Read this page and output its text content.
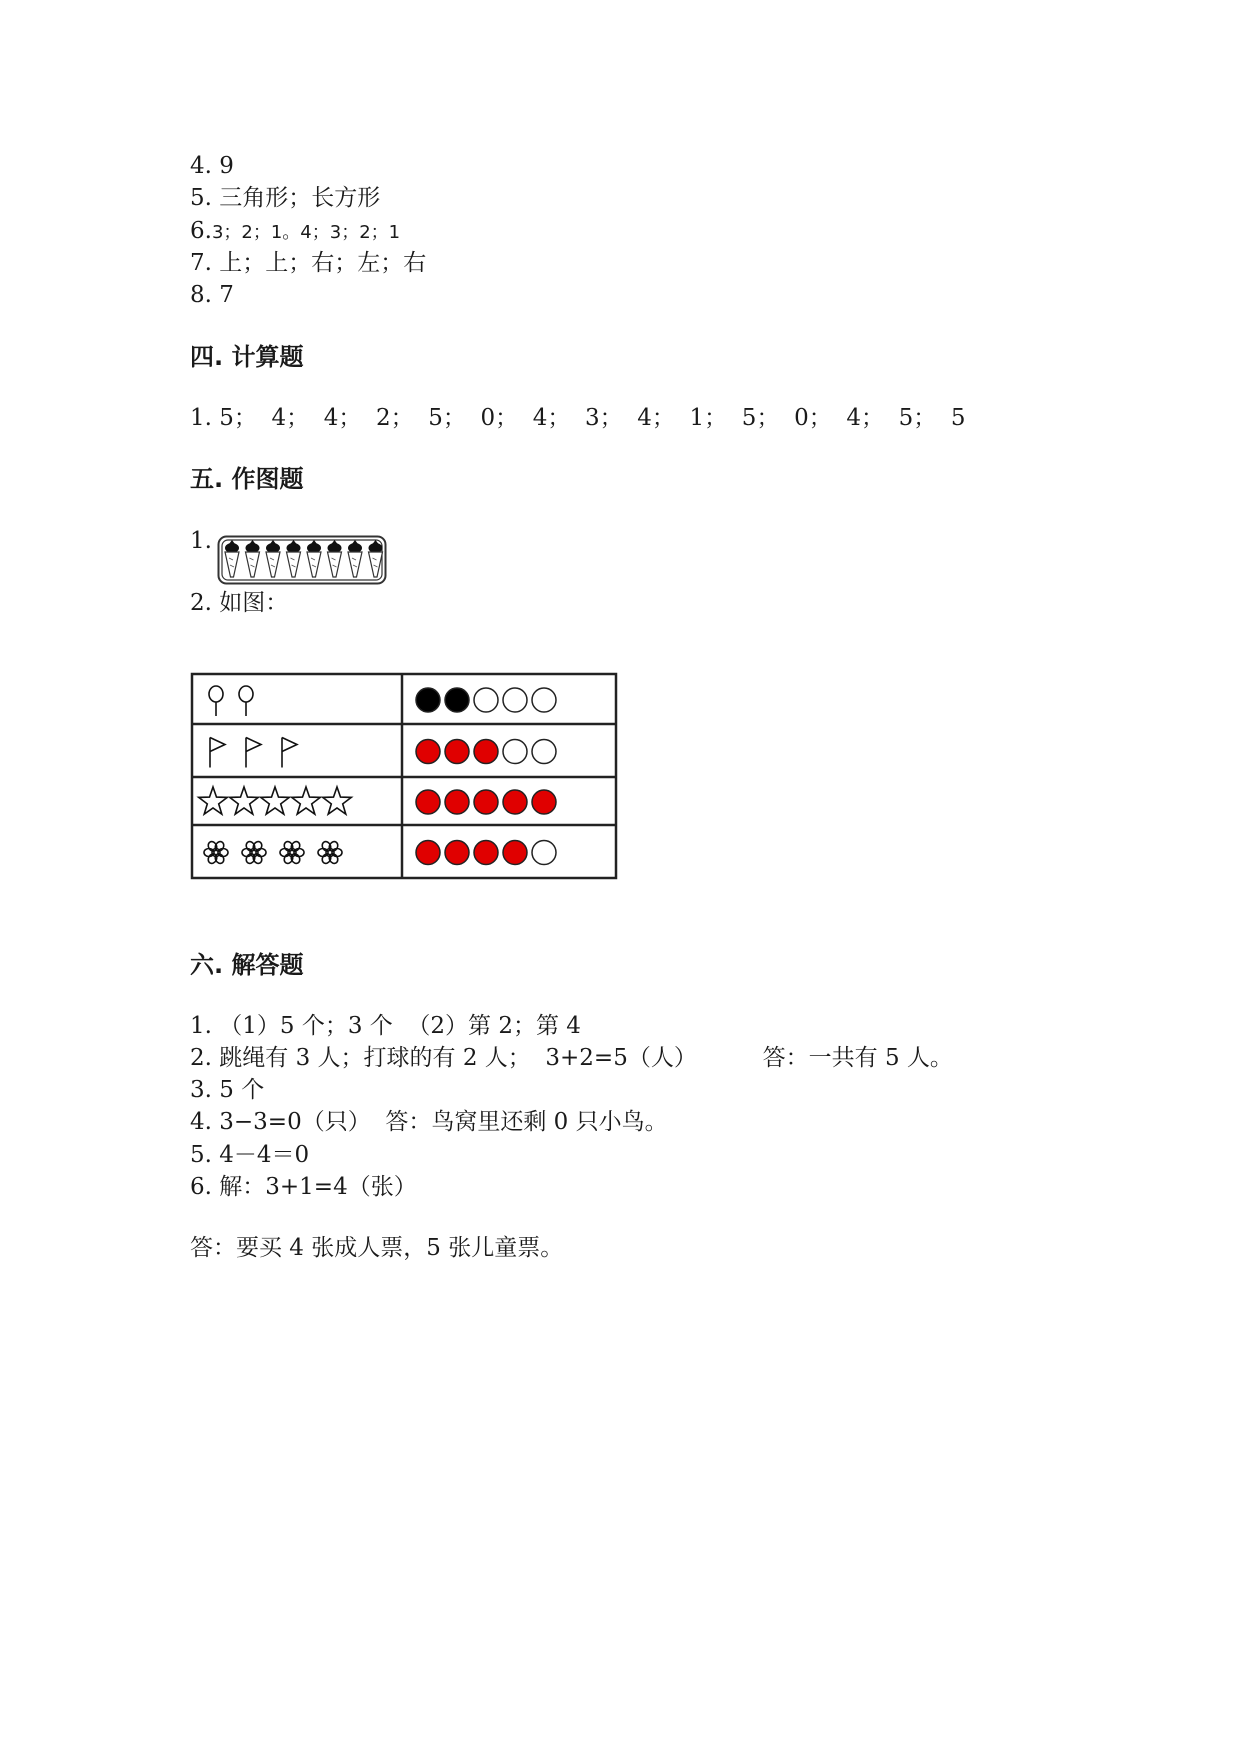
4. 9
5. 三角形；长方形
6.3；2；1。4；3；2；1
7. 上；上；右；左；右
8. 7
四. 计算题
1. 5；  4；  4；  2；  5；  0；  4；  3；  4；  1；  5；  0；  4；  5；  5
五. 作图题
1.
2. 如图：
六. 解答题
1. （1）5 个；3 个  （2）第 2；第 4
2. 跳绳有 3 人；打球的有 2 人；  3+2=5（人）         答：一共有 5 人。
3. 5 个
4. 3−3=0（只）  答：鸟窝里还剩 0 只小鸟。
5. 4－4＝0
6. 解：3+1=4（张）
答：要买 4 张成人票，5 张儿童票。
